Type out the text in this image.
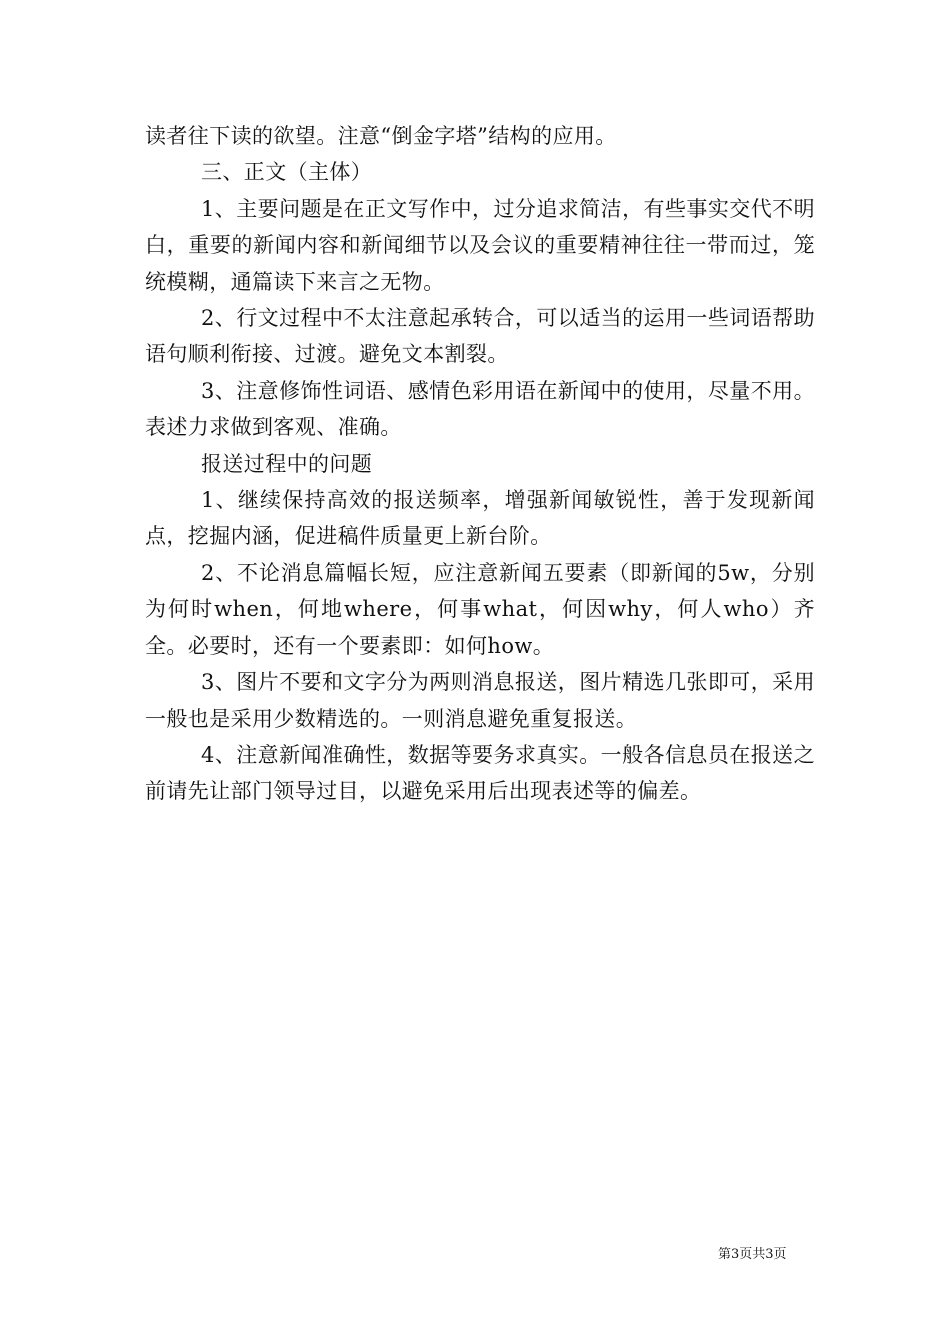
读者往下读的欲望。注意“倒金字塔”结构的应用。

三、正文（主体）

1、主要问题是在正文写作中，过分追求简洁，有些事实交代不明白，重要的新闻内容和新闻细节以及会议的重要精神往往一带而过，笼统模糊，通篇读下来言之无物。

2、行文过程中不太注意起承转合，可以适当的运用一些词语帮助语句顺利衔接、过渡。避免文本割裂。

3、注意修饰性词语、感情色彩用语在新闻中的使用，尽量不用。表述力求做到客观、准确。

报送过程中的问题

1、继续保持高效的报送频率，增强新闻敏锐性，善于发现新闻点，挖掘内涵，促进稿件质量更上新台阶。

2、不论消息篇幅长短，应注意新闻五要素（即新闻的5w，分别为何时when，何地where，何事what，何因why，何人who）齐全。必要时，还有一个要素即：如何how。

3、图片不要和文字分为两则消息报送，图片精选几张即可，采用一般也是采用少数精选的。一则消息避免重复报送。

4、注意新闻准确性，数据等要务求真实。一般各信息员在报送之前请先让部门领导过目，以避免采用后出现表述等的偏差。

第3页共3页
